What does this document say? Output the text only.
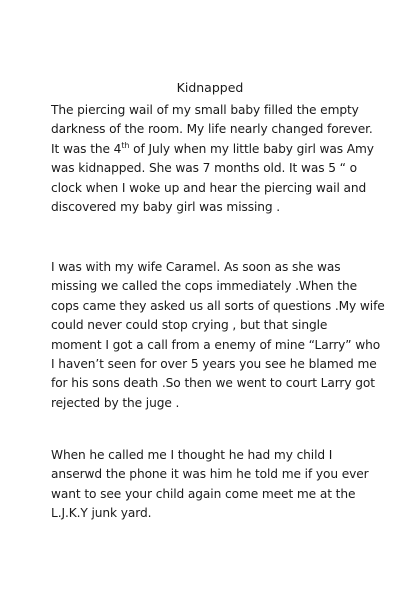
Kidnapped
The piercing wail of my small baby filled the empty
darkness of the room. My life nearly changed forever.
It was the 4th of July when my little baby girl was Amy
was kidnapped. She was 7 months old. It was 5 “ o
clock when I woke up and hear the piercing wail and
discovered my baby girl was missing .
I was with my wife Caramel. As soon as she was
missing we called the cops immediately .When the
cops came they asked us all sorts of questions .My wife
could never could stop crying , but that single
moment I got a call from a enemy of mine “Larry” who
I haven’t seen for over 5 years you see he blamed me
for his sons death .So then we went to court Larry got
rejected by the juge .
When he called me I thought he had my child I
anserwd the phone it was him he told me if you ever
want to see your child again come meet me at the
L.J.K.Y junk yard.
